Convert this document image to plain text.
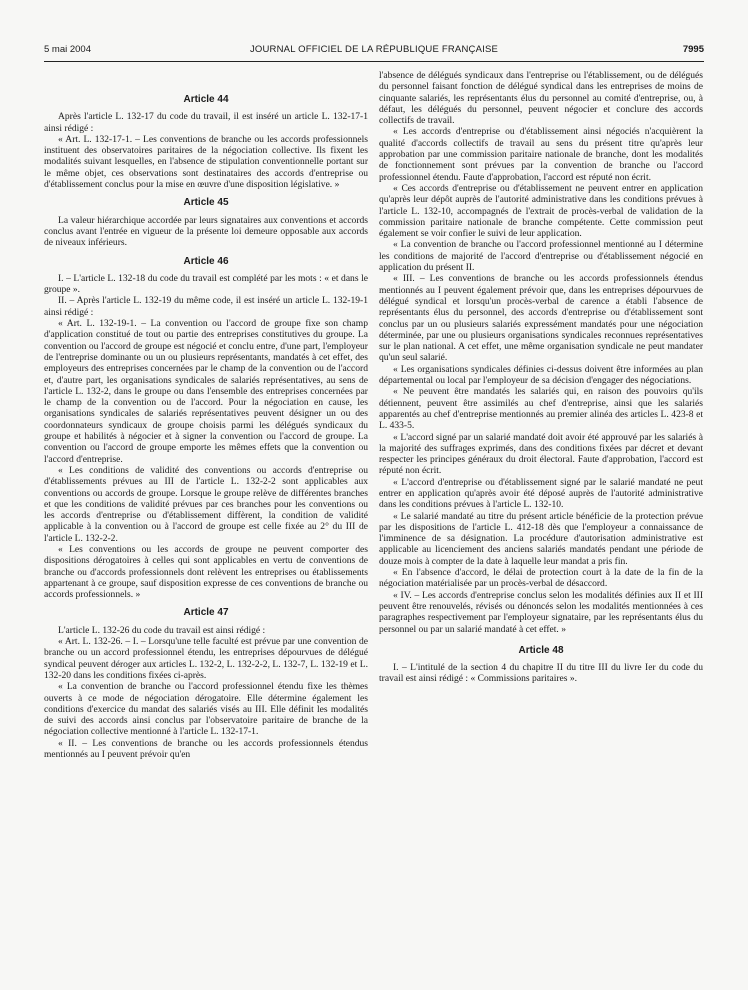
5 mai 2004	JOURNAL OFFICIEL DE LA RÉPUBLIQUE FRANÇAISE	7995
Article 44

Après l'article L. 132-17 du code du travail, il est inséré un article L. 132-17-1 ainsi rédigé :

« Art. L. 132-17-1. – Les conventions de branche ou les accords professionnels instituent des observatoires paritaires de la négociation collective. Ils fixent les modalités suivant lesquelles, en l'absence de stipulation conventionnelle portant sur le même objet, ces observations sont destinataires des accords d'entreprise ou d'établissement conclus pour la mise en œuvre d'une disposition législative. »

Article 45

La valeur hiérarchique accordée par leurs signataires aux conventions et accords conclus avant l'entrée en vigueur de la présente loi demeure opposable aux accords de niveaux inférieurs.

Article 46

I. – L'article L. 132-18 du code du travail est complété par les mots : « et dans le groupe ».

II. – Après l'article L. 132-19 du même code, il est inséré un article L. 132-19-1 ainsi rédigé :

« Art. L. 132-19-1. – La convention ou l'accord de groupe fixe son champ d'application constitué de tout ou partie des entreprises constitutives du groupe. La convention ou l'accord de groupe est négocié et conclu entre, d'une part, l'employeur de l'entreprise dominante ou un ou plusieurs représentants, mandatés à cet effet, des employeurs des entreprises concernées par le champ de la convention ou de l'accord et, d'autre part, les organisations syndicales de salariés représentatives, au sens de l'article L. 132-2, dans le groupe ou dans l'ensemble des entreprises concernées par le champ de la convention ou de l'accord. Pour la négociation en cause, les organisations syndicales de salariés représentatives peuvent désigner un ou des coordonnateurs syndicaux de groupe choisis parmi les délégués syndicaux du groupe et habilités à négocier et à signer la convention ou l'accord de groupe. La convention ou l'accord de groupe emporte les mêmes effets que la convention ou l'accord d'entreprise.

« Les conditions de validité des conventions ou accords d'entreprise ou d'établissements prévues au III de l'article L. 132-2-2 sont applicables aux conventions ou accords de groupe. Lorsque le groupe relève de différentes branches et que les conditions de validité prévues par ces branches pour les conventions ou les accords d'entreprise ou d'établissement diffèrent, la condition de validité applicable à la convention ou à l'accord de groupe est celle fixée au 2° du III de l'article L. 132-2-2.

« Les conventions ou les accords de groupe ne peuvent comporter des dispositions dérogatoires à celles qui sont applicables en vertu de conventions de branche ou d'accords professionnels dont relèvent les entreprises ou établissements appartenant à ce groupe, sauf disposition expresse de ces conventions de branche ou accords professionnels. »

Article 47

L'article L. 132-26 du code du travail est ainsi rédigé :

« Art. L. 132-26. – I. – Lorsqu'une telle faculté est prévue par une convention de branche ou un accord professionnel étendu, les entreprises dépourvues de délégué syndical peuvent déroger aux articles L. 132-2, L. 132-2-2, L. 132-7, L. 132-19 et L. 132-20 dans les conditions fixées ci-après.

« La convention de branche ou l'accord professionnel étendu fixe les thèmes ouverts à ce mode de négociation dérogatoire. Elle détermine également les conditions d'exercice du mandat des salariés visés au III. Elle définit les modalités de suivi des accords ainsi conclus par l'observatoire paritaire de branche de la négociation collective mentionné à l'article L. 132-17-1.

« II. – Les conventions de branche ou les accords professionnels étendus mentionnés au I peuvent prévoir qu'en

l'absence de délégués syndicaux dans l'entreprise ou l'établissement, ou de délégués du personnel faisant fonction de délégué syndical dans les entreprises de moins de cinquante salariés, les représentants élus du personnel au comité d'entreprise, ou, à défaut, les délégués du personnel, peuvent négocier et conclure des accords collectifs de travail.

« Les accords d'entreprise ou d'établissement ainsi négociés n'acquièrent la qualité d'accords collectifs de travail au sens du présent titre qu'après leur approbation par une commission paritaire nationale de branche, dont les modalités de fonctionnement sont prévues par la convention de branche ou l'accord professionnel étendu. Faute d'approbation, l'accord est réputé non écrit.

« Ces accords d'entreprise ou d'établissement ne peuvent entrer en application qu'après leur dépôt auprès de l'autorité administrative dans les conditions prévues à l'article L. 132-10, accompagnés de l'extrait de procès-verbal de validation de la commission paritaire nationale de branche compétente. Cette commission peut également se voir confier le suivi de leur application.

« La convention de branche ou l'accord professionnel mentionné au I détermine les conditions de majorité de l'accord d'entreprise ou d'établissement négocié en application du présent II.

« III. – Les conventions de branche ou les accords professionnels étendus mentionnés au I peuvent également prévoir que, dans les entreprises dépourvues de délégué syndical et lorsqu'un procès-verbal de carence a établi l'absence de représentants élus du personnel, des accords d'entreprise ou d'établissement sont conclus par un ou plusieurs salariés expressément mandatés pour une négociation déterminée, par une ou plusieurs organisations syndicales reconnues représentatives sur le plan national. A cet effet, une même organisation syndicale ne peut mandater qu'un seul salarié.

« Les organisations syndicales définies ci-dessus doivent être informées au plan départemental ou local par l'employeur de sa décision d'engager des négociations.

« Ne peuvent être mandatés les salariés qui, en raison des pouvoirs qu'ils détiennent, peuvent être assimilés au chef d'entreprise, ainsi que les salariés apparentés au chef d'entreprise mentionnés au premier alinéa des articles L. 423-8 et L. 433-5.

« L'accord signé par un salarié mandaté doit avoir été approuvé par les salariés à la majorité des suffrages exprimés, dans des conditions fixées par décret et devant respecter les principes généraux du droit électoral. Faute d'approbation, l'accord est réputé non écrit.

« L'accord d'entreprise ou d'établissement signé par le salarié mandaté ne peut entrer en application qu'après avoir été déposé auprès de l'autorité administrative dans les conditions prévues à l'article L. 132-10.

« Le salarié mandaté au titre du présent article bénéficie de la protection prévue par les dispositions de l'article L. 412-18 dès que l'employeur a connaissance de l'imminence de sa désignation. La procédure d'autorisation administrative est applicable au licenciement des anciens salariés mandatés pendant une période de douze mois à compter de la date à laquelle leur mandat a pris fin.

« En l'absence d'accord, le délai de protection court à la date de la fin de la négociation matérialisée par un procès-verbal de désaccord.

« IV. – Les accords d'entreprise conclus selon les modalités définies aux II et III peuvent être renouvelés, révisés ou dénoncés selon les modalités mentionnées à ces paragraphes respectivement par l'employeur signataire, par les représentants élus du personnel ou par un salarié mandaté à cet effet. »

Article 48

I. – L'intitulé de la section 4 du chapitre II du titre III du livre Ier du code du travail est ainsi rédigé : « Commissions paritaires ».
